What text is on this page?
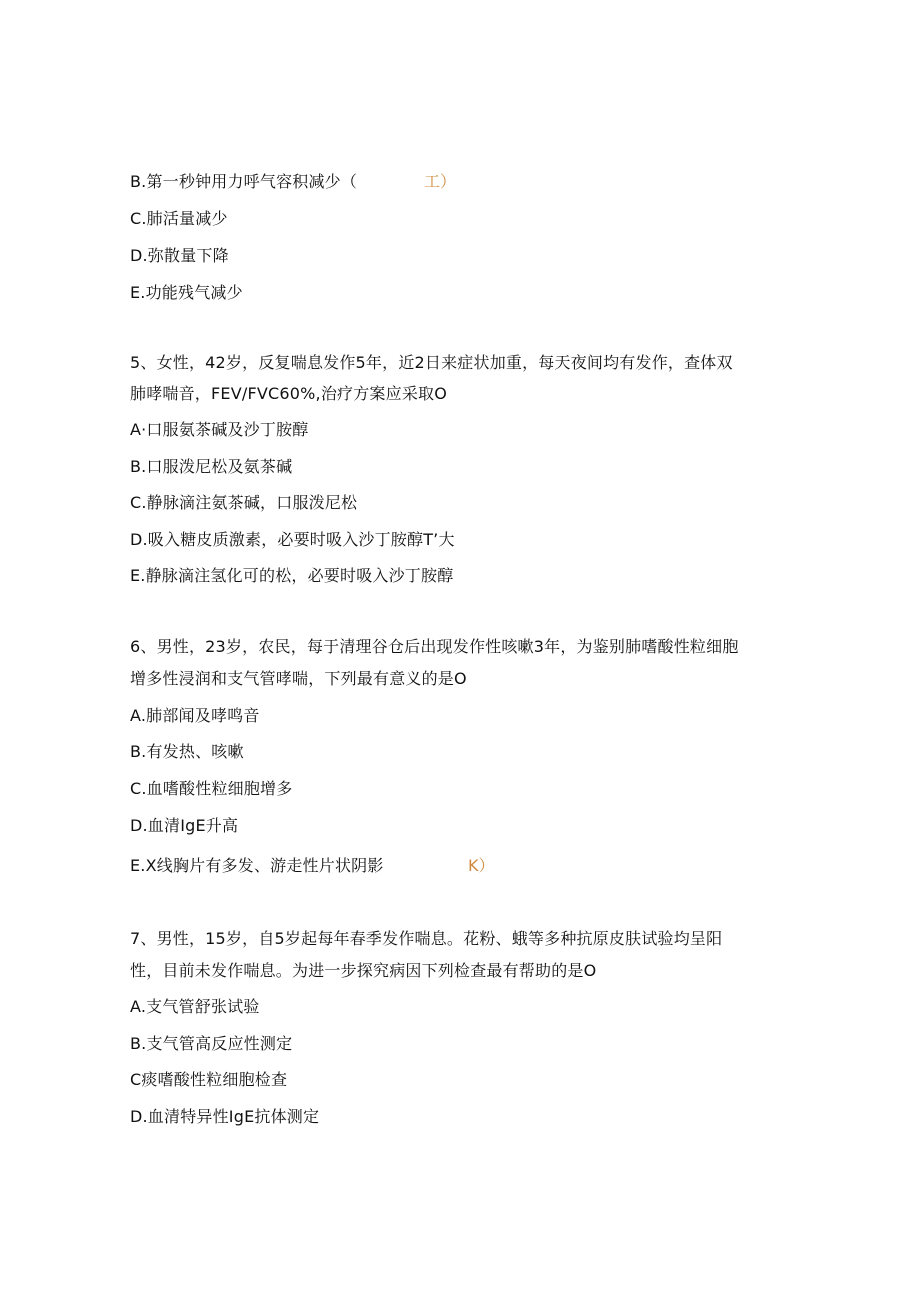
B.第一秒钟用力呼气容积减少（	工）
C.肺活量减少
D.弥散量下降
E.功能残气减少
5、女性，42岁，反复喘息发作5年，近2日来症状加重，每天夜间均有发作，查体双
肺哮喘音，FEV/FVC60%,治疗方案应采取O
A·口服氨茶碱及沙丁胺醇
B.口服泼尼松及氨茶碱
C.静脉滴注氨茶碱，口服泼尼松
D.吸入糖皮质激素，必要时吸入沙丁胺醇T’大
E.静脉滴注氢化可的松，必要时吸入沙丁胺醇
6、男性，23岁，农民，每于清理谷仓后出现发作性咳嗽3年，为鉴别肺嗜酸性粒细胞
增多性浸润和支气管哮喘，下列最有意义的是O
A.肺部闻及哮鸣音
B.有发热、咳嗽
C.血嗜酸性粒细胞增多
D.血清IgE升高
E.X线胸片有多发、游走性片状阴影	K）
7、男性，15岁，自5岁起每年春季发作喘息。花粉、蛾等多种抗原皮肤试验均呈阳
性，目前未发作喘息。为进一步探究病因下列检查最有帮助的是O
A.支气管舒张试验
B.支气管高反应性测定
C痰嗜酸性粒细胞检查
D.血清特异性IgE抗体测定
